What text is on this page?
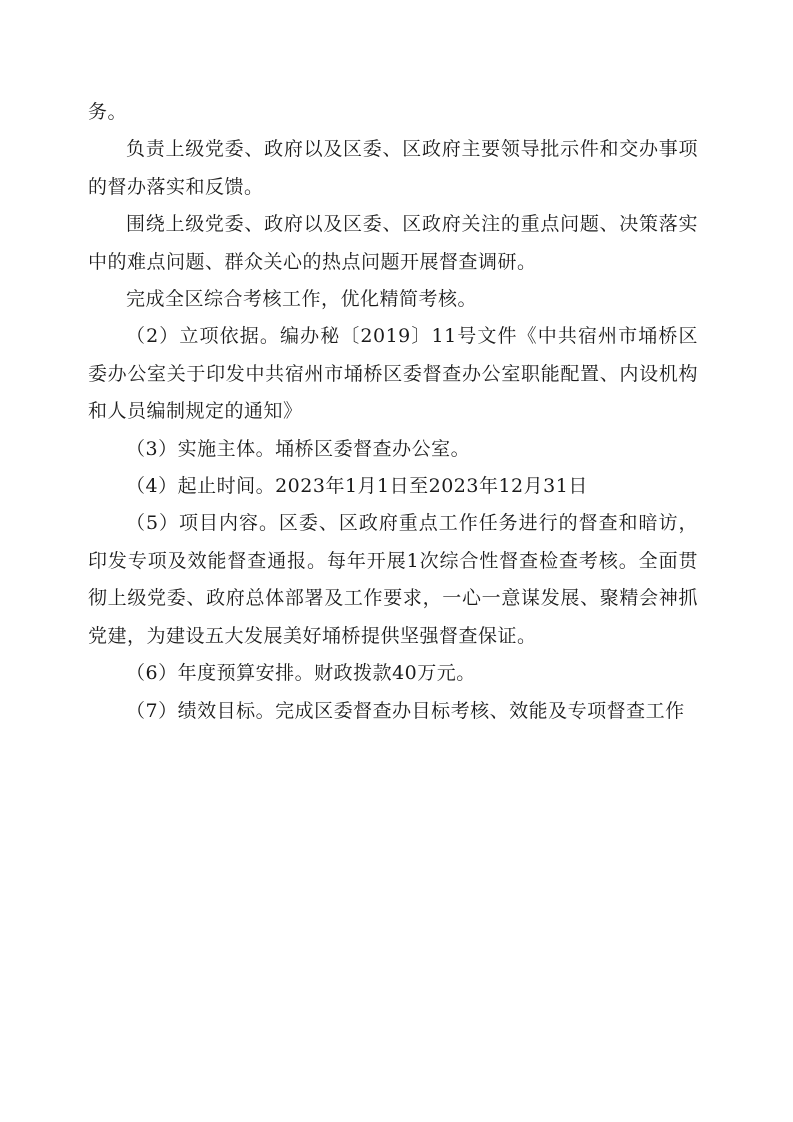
务。

负责上级党委、政府以及区委、区政府主要领导批示件和交办事项的督办落实和反馈。

围绕上级党委、政府以及区委、区政府关注的重点问题、决策落实中的难点问题、群众关心的热点问题开展督查调研。

完成全区综合考核工作，优化精简考核。

（2）立项依据。编办秘〔2019〕11号文件《中共宿州市埇桥区委办公室关于印发中共宿州市埇桥区委督查办公室职能配置、内设机构和人员编制规定的通知》

（3）实施主体。埇桥区委督查办公室。

（4）起止时间。2023年1月1日至2023年12月31日

（5）项目内容。区委、区政府重点工作任务进行的督查和暗访，印发专项及效能督查通报。每年开展1次综合性督查检查考核。全面贯彻上级党委、政府总体部署及工作要求，一心一意谋发展、聚精会神抓党建，为建设五大发展美好埇桥提供坚强督查保证。

（6）年度预算安排。财政拨款40万元。

（7）绩效目标。完成区委督查办目标考核、效能及专项督查工作
